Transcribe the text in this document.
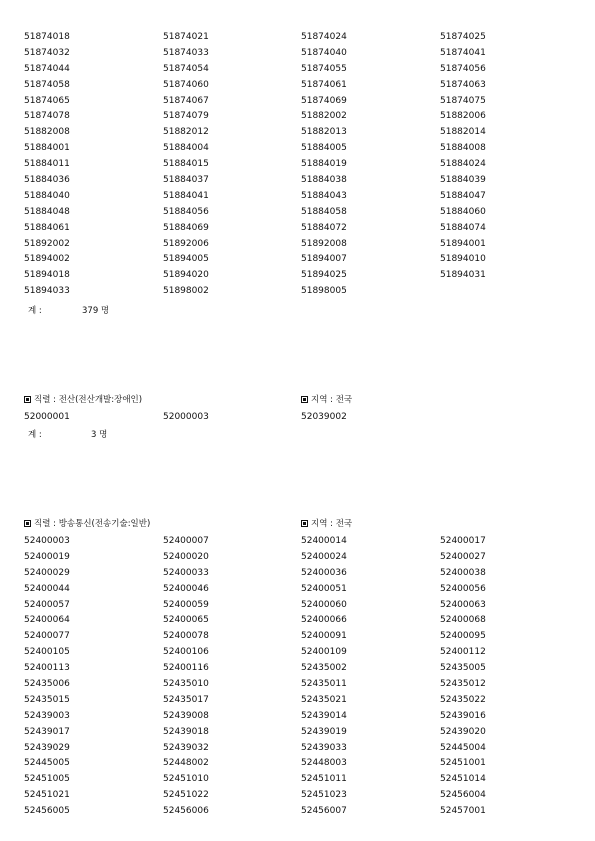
51874018	51874021	51874024	51874025
51874032	51874033	51874040	51874041
51874044	51874054	51874055	51874056
51874058	51874060	51874061	51874063
51874065	51874067	51874069	51874075
51874078	51874079	51882002	51882006
51882008	51882012	51882013	51882014
51884001	51884004	51884005	51884008
51884011	51884015	51884019	51884024
51884036	51884037	51884038	51884039
51884040	51884041	51884043	51884047
51884048	51884056	51884058	51884060
51884061	51884069	51884072	51884074
51892002	51892006	51892008	51894001
51894002	51894005	51894007	51894010
51894018	51894020	51894025	51894031
51894033	51898002	51898005
계 :	379 명
직렬 : 전산(전산개발:장애인)	지역 : 전국
52000001	52000003	52039002
계 :	3 명
직렬 : 방송통신(전송기술:일반)	지역 : 전국
52400003	52400007	52400014	52400017
52400019	52400020	52400024	52400027
52400029	52400033	52400036	52400038
52400044	52400046	52400051	52400056
52400057	52400059	52400060	52400063
52400064	52400065	52400066	52400068
52400077	52400078	52400091	52400095
52400105	52400106	52400109	52400112
52400113	52400116	52435002	52435005
52435006	52435010	52435011	52435012
52435015	52435017	52435021	52435022
52439003	52439008	52439014	52439016
52439017	52439018	52439019	52439020
52439029	52439032	52439033	52445004
52445005	52448002	52448003	52451001
52451005	52451010	52451011	52451014
52451021	52451022	52451023	52456004
52456005	52456006	52456007	52457001
